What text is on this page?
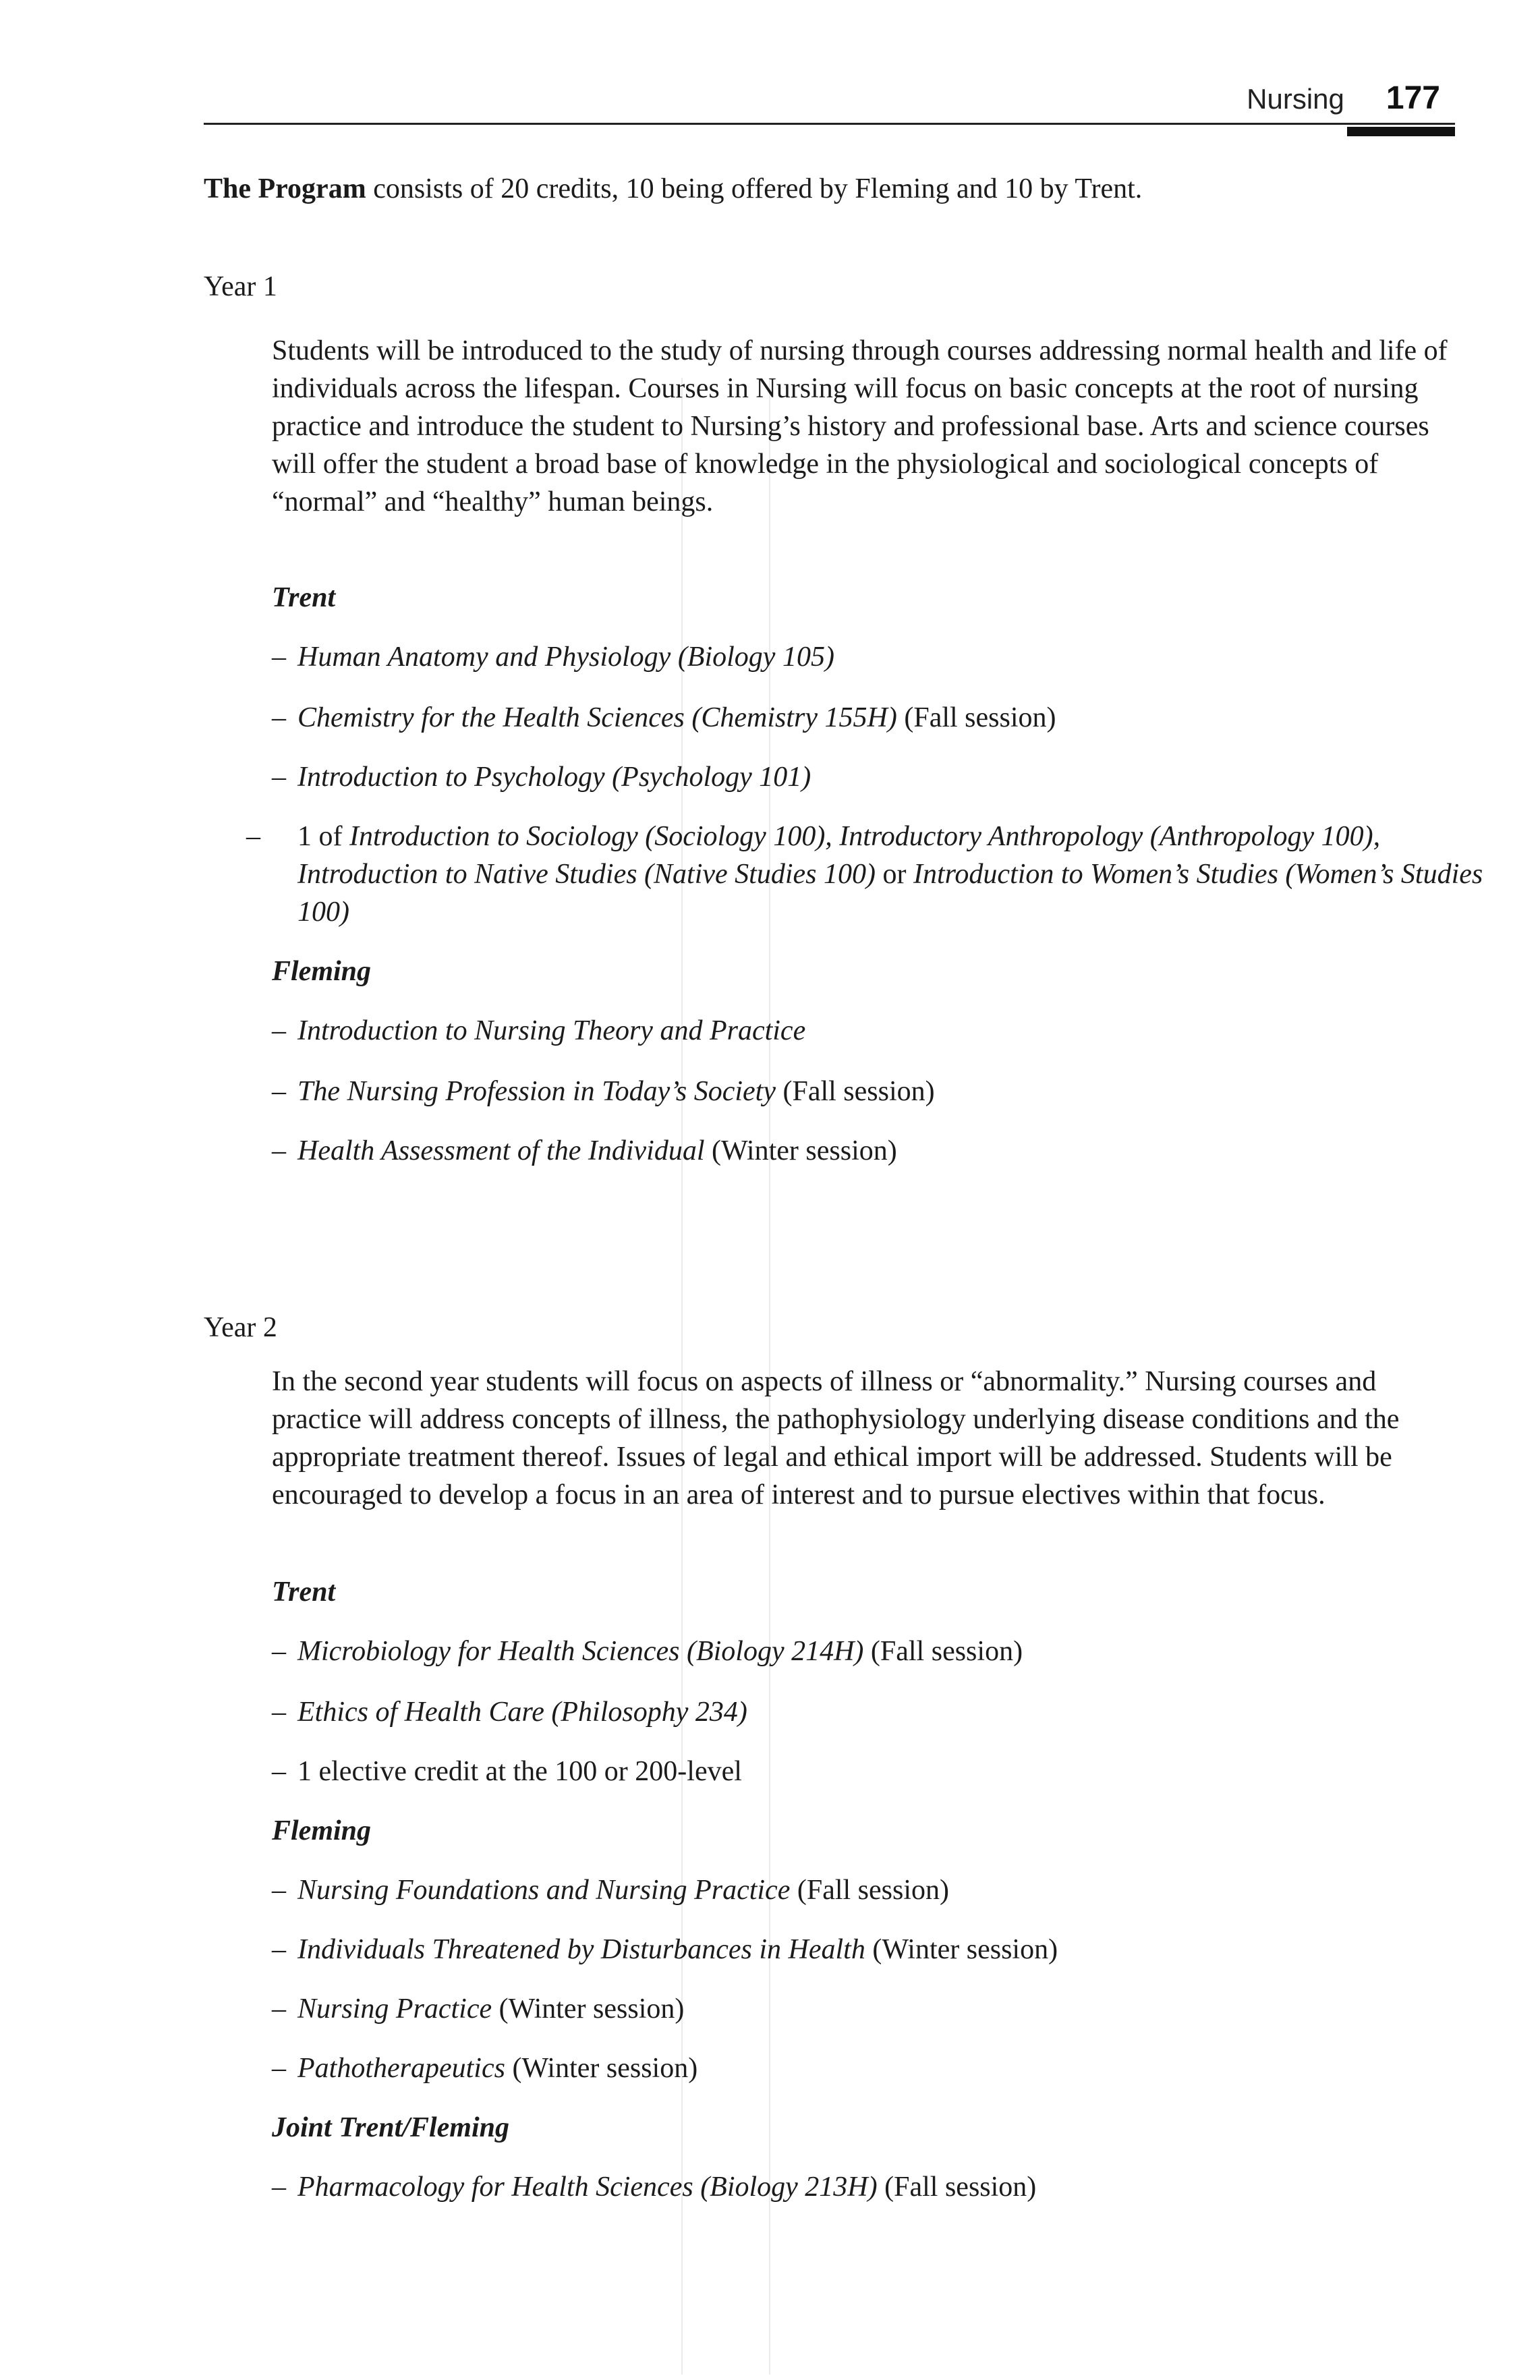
Nursing 177
The Program consists of 20 credits, 10 being offered by Fleming and 10 by Trent.
Year 1

Students will be introduced to the study of nursing through courses addressing normal health and life of individuals across the lifespan. Courses in Nursing will focus on basic concepts at the root of nursing practice and introduce the student to Nursing’s history and professional base. Arts and science courses will offer the student a broad base of knowledge in the physiological and sociological concepts of “normal” and “healthy” human beings.

Trent
– Human Anatomy and Physiology (Biology 105)
– Chemistry for the Health Sciences (Chemistry 155H) (Fall session)
– Introduction to Psychology (Psychology 101)
– 1 of Introduction to Sociology (Sociology 100), Introductory Anthropology (Anthropology 100), Introduction to Native Studies (Native Studies 100) or Introduction to Women’s Studies (Women’s Studies 100)
Fleming
– Introduction to Nursing Theory and Practice
– The Nursing Profession in Today’s Society (Fall session)
– Health Assessment of the Individual (Winter session)
Year 2

In the second year students will focus on aspects of illness or “abnormality.” Nursing courses and practice will address concepts of illness, the pathophysiology underlying disease conditions and the appropriate treatment thereof. Issues of legal and ethical import will be addressed. Students will be encouraged to develop a focus in an area of interest and to pursue electives within that focus.

Trent
– Microbiology for Health Sciences (Biology 214H) (Fall session)
– Ethics of Health Care (Philosophy 234)
– 1 elective credit at the 100 or 200-level
Fleming
– Nursing Foundations and Nursing Practice (Fall session)
– Individuals Threatened by Disturbances in Health (Winter session)
– Nursing Practice (Winter session)
– Pathotherapeutics (Winter session)
Joint Trent/Fleming
– Pharmacology for Health Sciences (Biology 213H) (Fall session)
